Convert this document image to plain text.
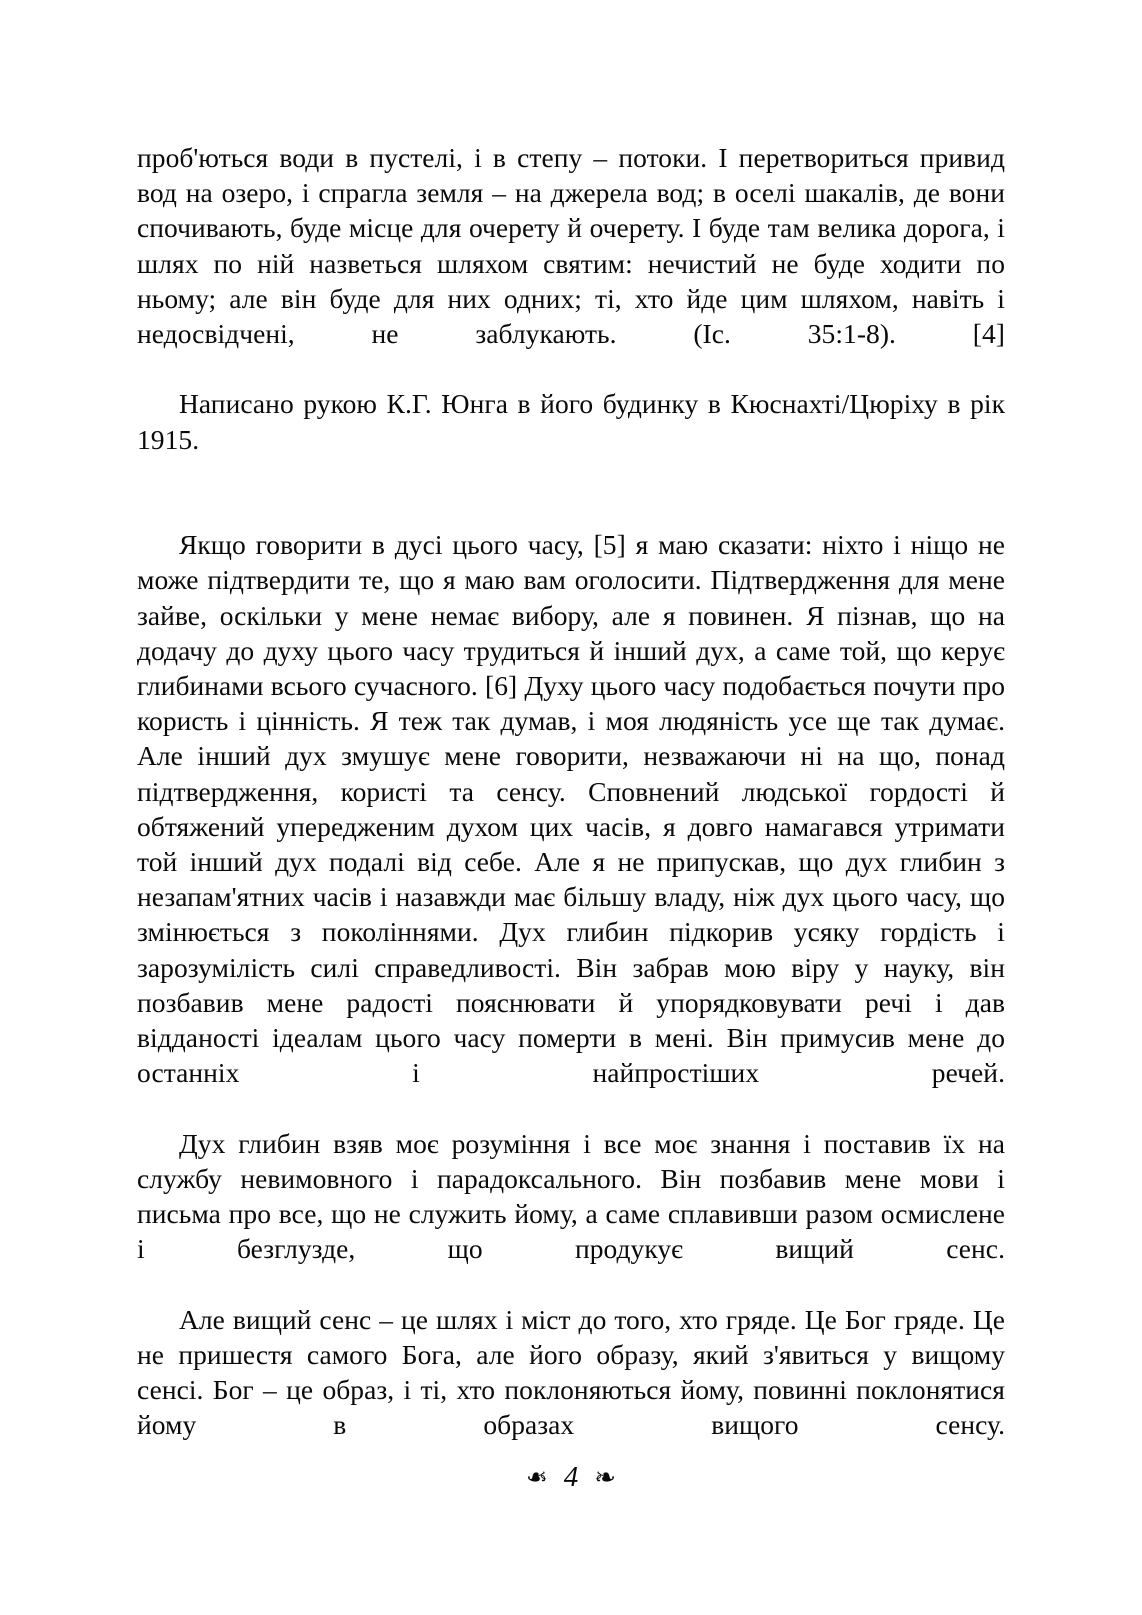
проб'ються води в пустелі, і в степу – потоки. І перетвориться привид вод на озеро, і спрагла земля – на джерела вод; в оселі шакалів, де вони спочивають, буде місце для очерету й очерету. І буде там велика дорога, і шлях по ній назветься шляхом святим: нечистий не буде ходити по ньому; але він буде для них одних; ті, хто йде цим шляхом, навіть і недосвідчені, не заблукають. (Іс. 35:1-8). [4]

Написано рукою К.Г. Юнга в його будинку в Кюснахті/Цюріху в рік 1915.

Якщо говорити в дусі цього часу, [5] я маю сказати: ніхто і ніщо не може підтвердити те, що я маю вам оголосити. Підтвердження для мене зайве, оскільки у мене немає вибору, але я повинен. Я пізнав, що на додачу до духу цього часу трудиться й інший дух, а саме той, що керує глибинами всього сучасного. [6] Духу цього часу подобається почути про користь і цінність. Я теж так думав, і моя людяність усе ще так думає. Але інший дух змушує мене говорити, незважаючи ні на що, понад підтвердження, користі та сенсу. Сповнений людської гордості й обтяжений упередженим духом цих часів, я довго намагався утримати той інший дух подалі від себе. Але я не припускав, що дух глибин з незапам'ятних часів і назавжди має більшу владу, ніж дух цього часу, що змінюється з поколіннями. Дух глибин підкорив усяку гордість і зарозумілість силі справедливості. Він забрав мою віру у науку, він позбавив мене радості пояснювати й упорядковувати речі і дав відданості ідеалам цього часу померти в мені. Він примусив мене до останніх і найпростіших речей.

Дух глибин взяв моє розуміння і все моє знання і поставив їх на службу невимовного і парадоксального. Він позбавив мене мови і письма про все, що не служить йому, а саме сплавивши разом осмислене і безглузде, що продукує вищий сенс.

Але вищий сенс – це шлях і міст до того, хто гряде. Це Бог гряде. Це не пришестя самого Бога, але його образу, який з'явиться у вищому сенсі. Бог – це образ, і ті, хто поклоняються йому, повинні поклонятися йому в образах вищого сенсу.

❧ 4 ❧
